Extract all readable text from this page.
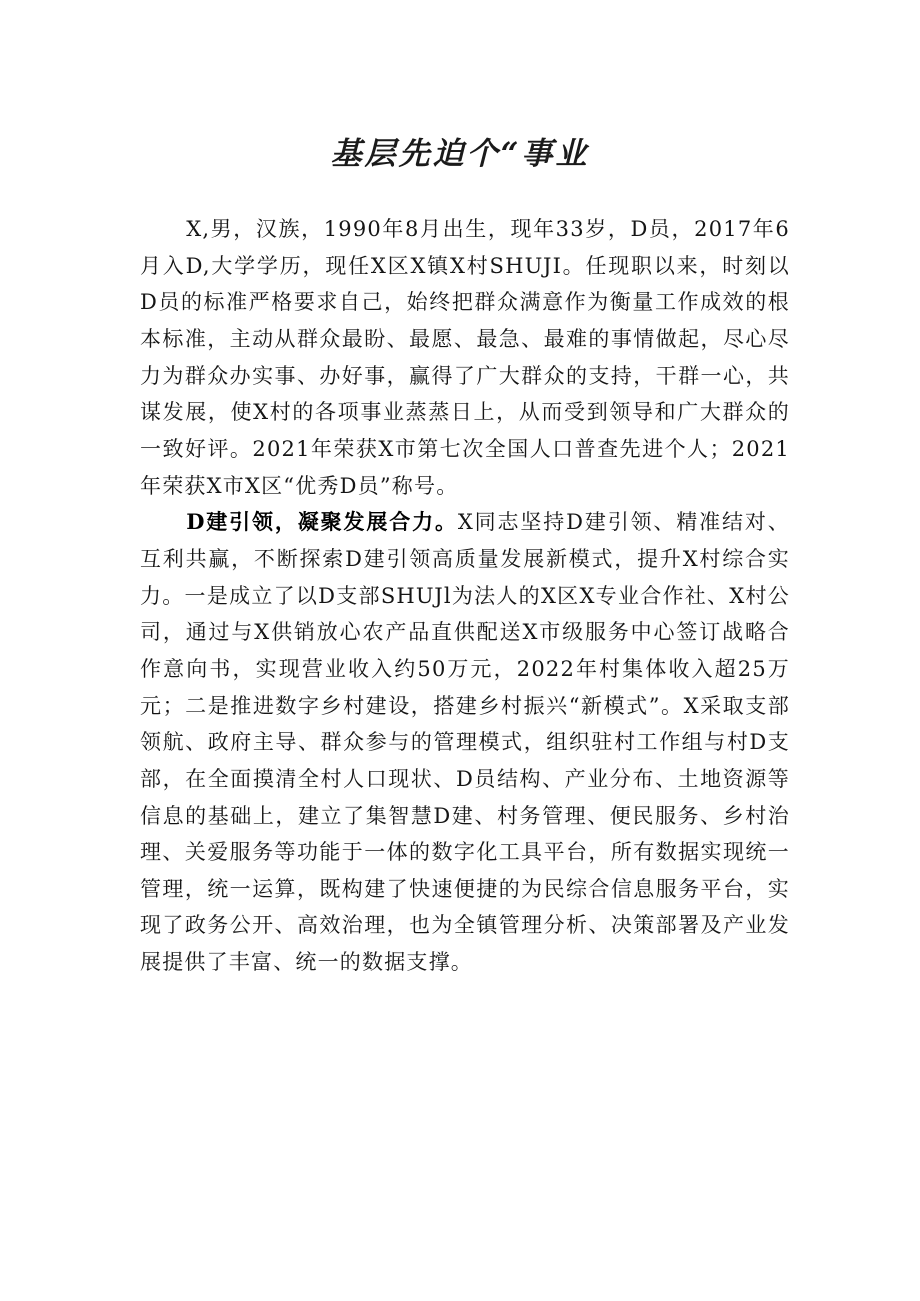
基层先迫个“事业

X,男，汉族，1990年8月出生，现年33岁，D员，2017年6月入D,大学学历，现任X区X镇X村SHUJI。任现职以来，时刻以D员的标准严格要求自己，始终把群众满意作为衡量工作成效的根本标准，主动从群众最盼、最愿、最急、最难的事情做起，尽心尽力为群众办实事、办好事，赢得了广大群众的支持，干群一心，共谋发展，使X村的各项事业蒸蒸日上，从而受到领导和广大群众的一致好评。2021年荣获X市第七次全国人口普查先进个人；2021年荣获X市X区“优秀D员”称号。

D建引领，凝聚发展合力。X同志坚持D建引领、精准结对、互利共赢，不断探索D建引领高质量发展新模式，提升X村综合实力。一是成立了以D支部SHUJl为法人的X区X专业合作社、X村公司，通过与X供销放心农产品直供配送X市级服务中心签订战略合作意向书，实现营业收入约50万元，2022年村集体收入超25万元；二是推进数字乡村建设，搭建乡村振兴“新模式”。X采取支部领航、政府主导、群众参与的管理模式，组织驻村工作组与村D支部，在全面摸清全村人口现状、D员结构、产业分布、土地资源等信息的基础上，建立了集智慧D建、村务管理、便民服务、乡村治理、关爱服务等功能于一体的数字化工具平台，所有数据实现统一管理，统一运算，既构建了快速便捷的为民综合信息服务平台，实现了政务公开、高效治理，也为全镇管理分析、决策部署及产业发展提供了丰富、统一的数据支撑。
